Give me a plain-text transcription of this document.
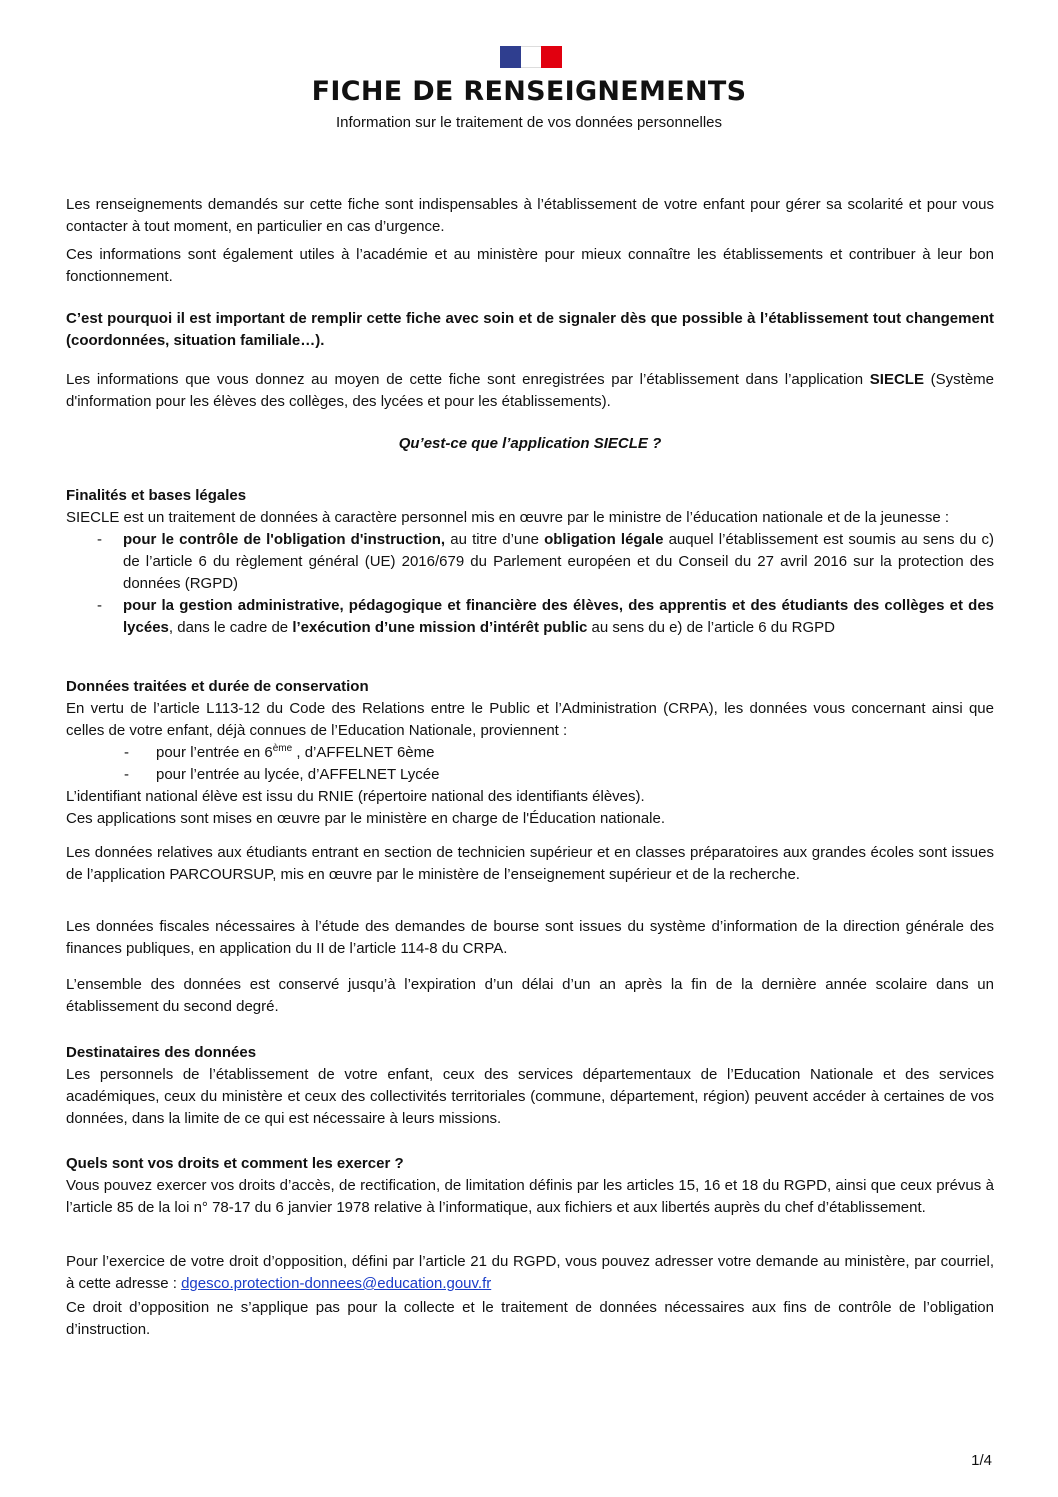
FICHE DE RENSEIGNEMENTS
Information sur le traitement de vos données personnelles

Les renseignements demandés sur cette fiche sont indispensables à l’établissement de votre enfant pour gérer sa scolarité et pour vous contacter à tout moment, en particulier en cas d’urgence.

Ces informations sont également utiles à l’académie et au ministère pour mieux connaître les établissements et contribuer à leur bon fonctionnement.

C’est pourquoi il est important de remplir cette fiche avec soin et de signaler dès que possible à l’établissement tout changement (coordonnées, situation familiale…).

Les informations que vous donnez au moyen de cette fiche sont enregistrées par l’établissement dans l’application SIECLE (Système d'information pour les élèves des collèges, des lycées et pour les établissements).

Qu’est-ce que l’application SIECLE ?

Finalités et bases légales

SIECLE est un traitement de données à caractère personnel mis en œuvre par le ministre de l’éducation nationale et de la jeunesse :

- pour le contrôle de l'obligation d'instruction, au titre d’une obligation légale auquel l’établissement est soumis au sens du c) de l’article 6 du règlement général (UE) 2016/679 du Parlement européen et du Conseil du 27 avril 2016 sur la protection des données (RGPD)
- pour la gestion administrative, pédagogique et financière des élèves, des apprentis et des étudiants des collèges et des lycées, dans le cadre de l’exécution d’une mission d’intérêt public au sens du e) de l’article 6 du RGPD

Données traitées et durée de conservation

En vertu de l’article L113-12 du Code des Relations entre le Public et l’Administration (CRPA), les données vous concernant ainsi que celles de votre enfant, déjà connues de l’Education Nationale, proviennent :

- pour l’entrée en 6ème , d’AFFELNET 6ème
- pour l’entrée au lycée, d’AFFELNET Lycée

L’identifiant national élève est issu du RNIE (répertoire national des identifiants élèves).

Ces applications sont mises en œuvre par le ministère en charge de l'Éducation nationale.

Les données relatives aux étudiants entrant en section de technicien supérieur et en classes préparatoires aux grandes écoles sont issues de l’application PARCOURSUP, mis en œuvre par le ministère de l’enseignement supérieur et de la recherche.

Les données fiscales nécessaires à l’étude des demandes de bourse sont issues du système d’information de la direction générale des finances publiques, en application du II de l’article 114-8 du CRPA.

L’ensemble des données est conservé jusqu’à l’expiration d’un délai d’un an après la fin de la dernière année scolaire dans un établissement du second degré.

Destinataires des données

Les personnels de l’établissement de votre enfant, ceux des services départementaux de l’Education Nationale et des services académiques, ceux du ministère et ceux des collectivités territoriales (commune, département, région) peuvent accéder à certaines de vos données, dans la limite de ce qui est nécessaire à leurs missions.

Quels sont vos droits et comment les exercer ?

Vous pouvez exercer vos droits d’accès, de rectification, de limitation définis par les articles 15, 16 et 18 du RGPD, ainsi que ceux prévus à l’article 85 de la loi n° 78-17 du 6 janvier 1978 relative à l’informatique, aux fichiers et aux libertés auprès du chef d’établissement.

Pour l’exercice de votre droit d’opposition, défini par l’article 21 du RGPD, vous pouvez adresser votre demande au ministère, par courriel, à cette adresse : dgesco.protection-donnees@education.gouv.fr

Ce droit d’opposition ne s’applique pas pour la collecte et le traitement de données nécessaires aux fins de contrôle de l’obligation d’instruction.

1/4
